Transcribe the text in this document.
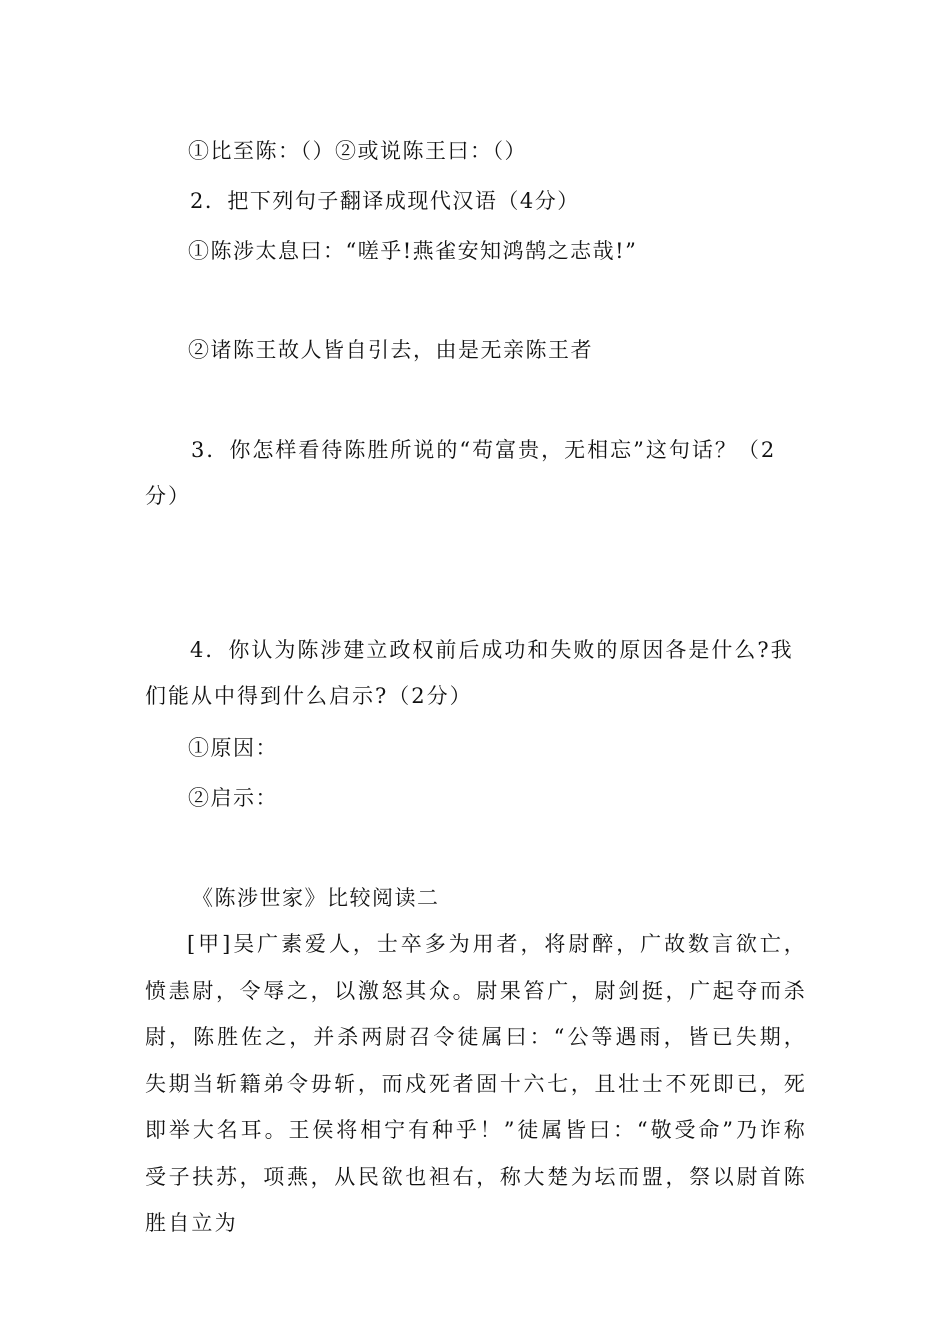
①比至陈：（）②或说陈王曰：（）
2．把下列句子翻译成现代汉语（4分）
①陈涉太息曰：“嗟乎!燕雀安知鸿鹄之志哉!”
②诸陈王故人皆自引去，由是无亲陈王者
3．你怎样看待陈胜所说的“苟富贵，无相忘”这句话？（2分）
4．你认为陈涉建立政权前后成功和失败的原因各是什么?我们能从中得到什么启示?（2分）
①原因：
②启示：
《陈涉世家》比较阅读二
[甲]吴广素爱人，士卒多为用者，将尉醉，广故数言欲亡，愤恚尉，令辱之，以激怒其众。尉果笞广，尉剑挺，广起夺而杀尉，陈胜佐之，并杀两尉召令徒属曰：“公等遇雨，皆已失期，失期当斩籍弟令毋斩，而戍死者固十六七，且壮士不死即已，死即举大名耳。王侯将相宁有种乎！”徒属皆曰：“敬受命”乃诈称受子扶苏，项燕，从民欲也袒右，称大楚为坛而盟，祭以尉首陈胜自立为
